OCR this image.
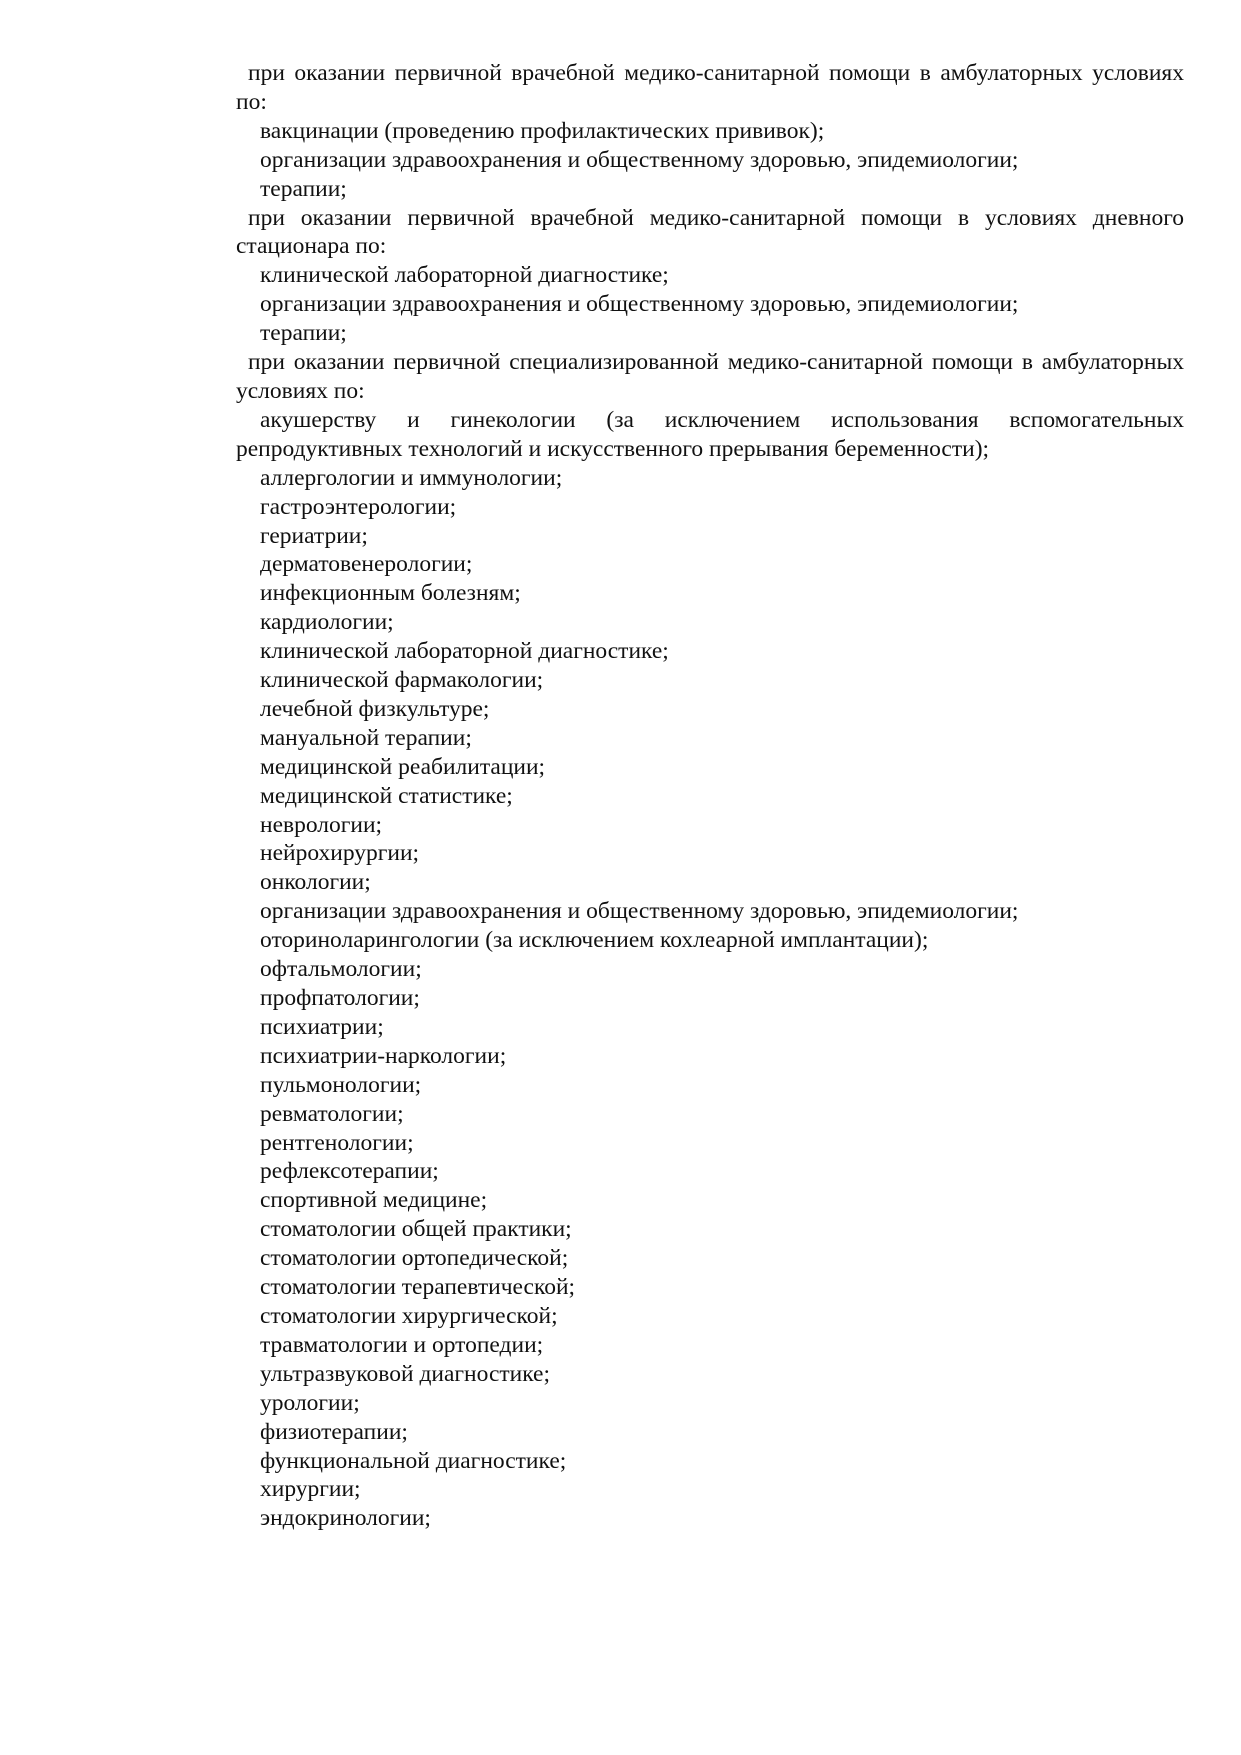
при оказании первичной врачебной медико-санитарной помощи в амбулаторных условиях по:

вакцинации (проведению профилактических прививок);
организации здравоохранения и общественному здоровью, эпидемиологии;
терапии;

при оказании первичной врачебной медико-санитарной помощи в условиях дневного стационара по:

клинической лабораторной диагностике;
организации здравоохранения и общественному здоровью, эпидемиологии;
терапии;

при оказании первичной специализированной медико-санитарной помощи в амбулаторных условиях по:

акушерству и гинекологии (за исключением использования вспомогательных репродуктивных технологий и искусственного прерывания беременности);
аллергологии и иммунологии;
гастроэнтерологии;
гериатрии;
дерматовенерологии;
инфекционным болезням;
кардиологии;
клинической лабораторной диагностике;
клинической фармакологии;
лечебной физкультуре;
мануальной терапии;
медицинской реабилитации;
медицинской статистике;
неврологии;
нейрохирургии;
онкологии;
организации здравоохранения и общественному здоровью, эпидемиологии;
оториноларингологии (за исключением кохлеарной имплантации);
офтальмологии;
профпатологии;
психиатрии;
психиатрии-наркологии;
пульмонологии;
ревматологии;
рентгенологии;
рефлексотерапии;
спортивной медицине;
стоматологии общей практики;
стоматологии ортопедической;
стоматологии терапевтической;
стоматологии хирургической;
травматологии и ортопедии;
ультразвуковой диагностике;
урологии;
физиотерапии;
функциональной диагностике;
хирургии;
эндокринологии;
